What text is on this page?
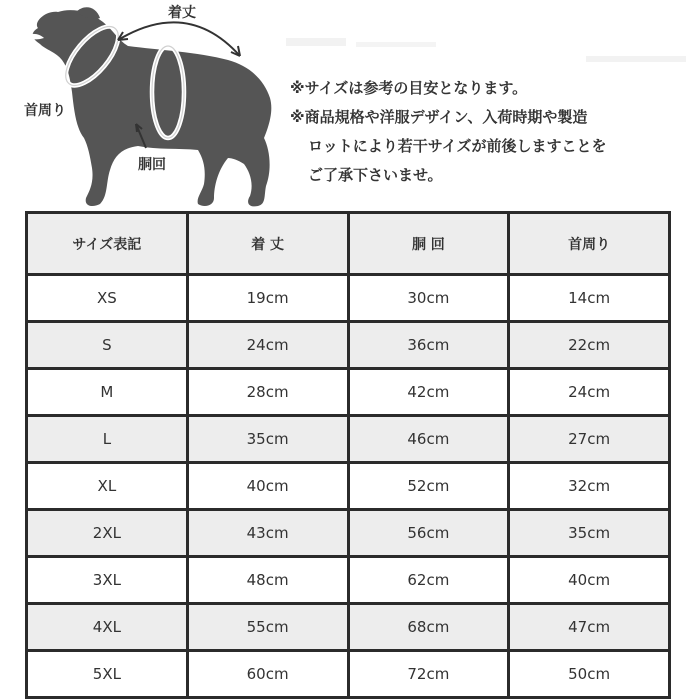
着丈
首周り
胴回
※サイズは参考の目安となります。
※商品規格や洋服デザイン、入荷時期や製造
ロットにより若干サイズが前後しますことを
ご了承下さいませ。
サイズ表記	着 丈	胴 回	首周り
XS	19cm	30cm	14cm
S	24cm	36cm	22cm
M	28cm	42cm	24cm
L	35cm	46cm	27cm
XL	40cm	52cm	32cm
2XL	43cm	56cm	35cm
3XL	48cm	62cm	40cm
4XL	55cm	68cm	47cm
5XL	60cm	72cm	50cm
